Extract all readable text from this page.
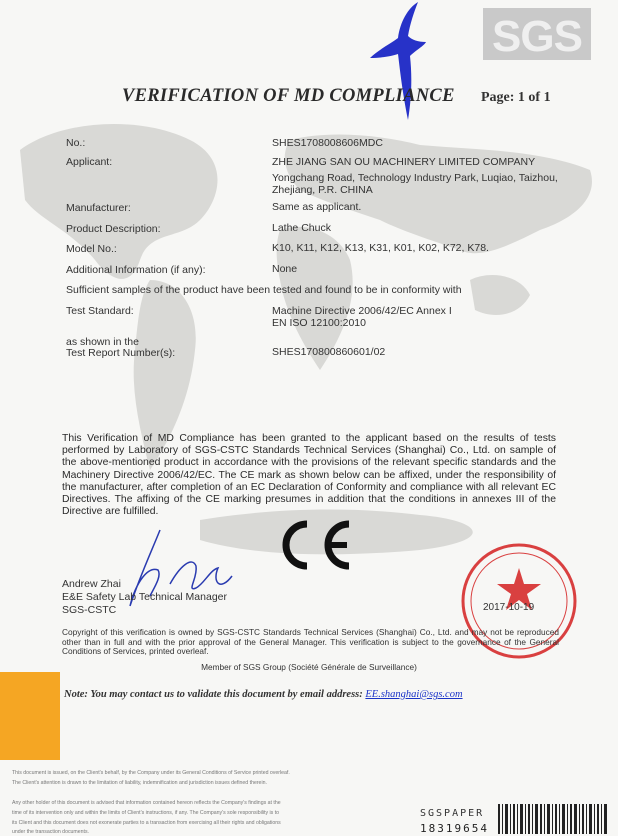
SGS
VERIFICATION OF MD COMPLIANCE Page: 1 of 1
No.:	SHES1708008606MDC
Applicant:	ZHE JIANG SAN OU MACHINERY LIMITED COMPANY
Yongchang Road, Technology Industry Park, Luqiao, Taizhou,
Zhejiang, P.R. CHINA
Manufacturer:	Same as applicant.
Product Description:	Lathe Chuck
Model No.:	K10, K11, K12, K13, K31, K01, K02, K72, K78.
Additional Information (if any):	None
Sufficient samples of the product have been tested and found to be in conformity with
Test Standard:	Machine Directive 2006/42/EC Annex I
EN ISO 12100:2010
as shown in the
Test Report Number(s):	SHES170800860601/02
This Verification of MD Compliance has been granted to the applicant based on the results of tests performed by Laboratory of SGS-CSTC Standards Technical Services (Shanghai) Co., Ltd. on sample of the above-mentioned product in accordance with the provisions of the relevant specific standards and the Machinery Directive 2006/42/EC. The CE mark as shown below can be affixed, under the responsibility of the manufacturer, after completion of an EC Declaration of Conformity and compliance with all relevant EC Directives. The affixing of the CE marking presumes in addition that the conditions in annexes III of the Directive are fulfilled.
Andrew Zhai
E&E Safety Lab Technical Manager
SGS-CSTC	2017-10-19
Copyright of this verification is owned by SGS-CSTC Standards Technical Services (Shanghai) Co., Ltd. and may not be reproduced other than in full and with the prior approval of the General Manager. This verification is subject to the governance of the General Conditions of Services, printed overleaf.
Member of SGS Group (Société Générale de Surveillance)
Note: You may contact us to validate this document by email address: EE.shanghai@sgs.com
This document is issued, on the Client's behalf, by the Company under its General Conditions of Service printed overleaf.
The Client's attention is drawn to the limitation of liability, indemnification and jurisdiction issues defined therein.
Any other holder of this document is advised that information contained hereon reflects the Company's findings at the
time of its intervention only and within the limits of Client's instructions, if any. The Company's sole responsibility is to
its Client and this document does not exonerate parties to a transaction from exercising all their rights and obligations
under the transaction documents.
SGSPAPER
18319654
